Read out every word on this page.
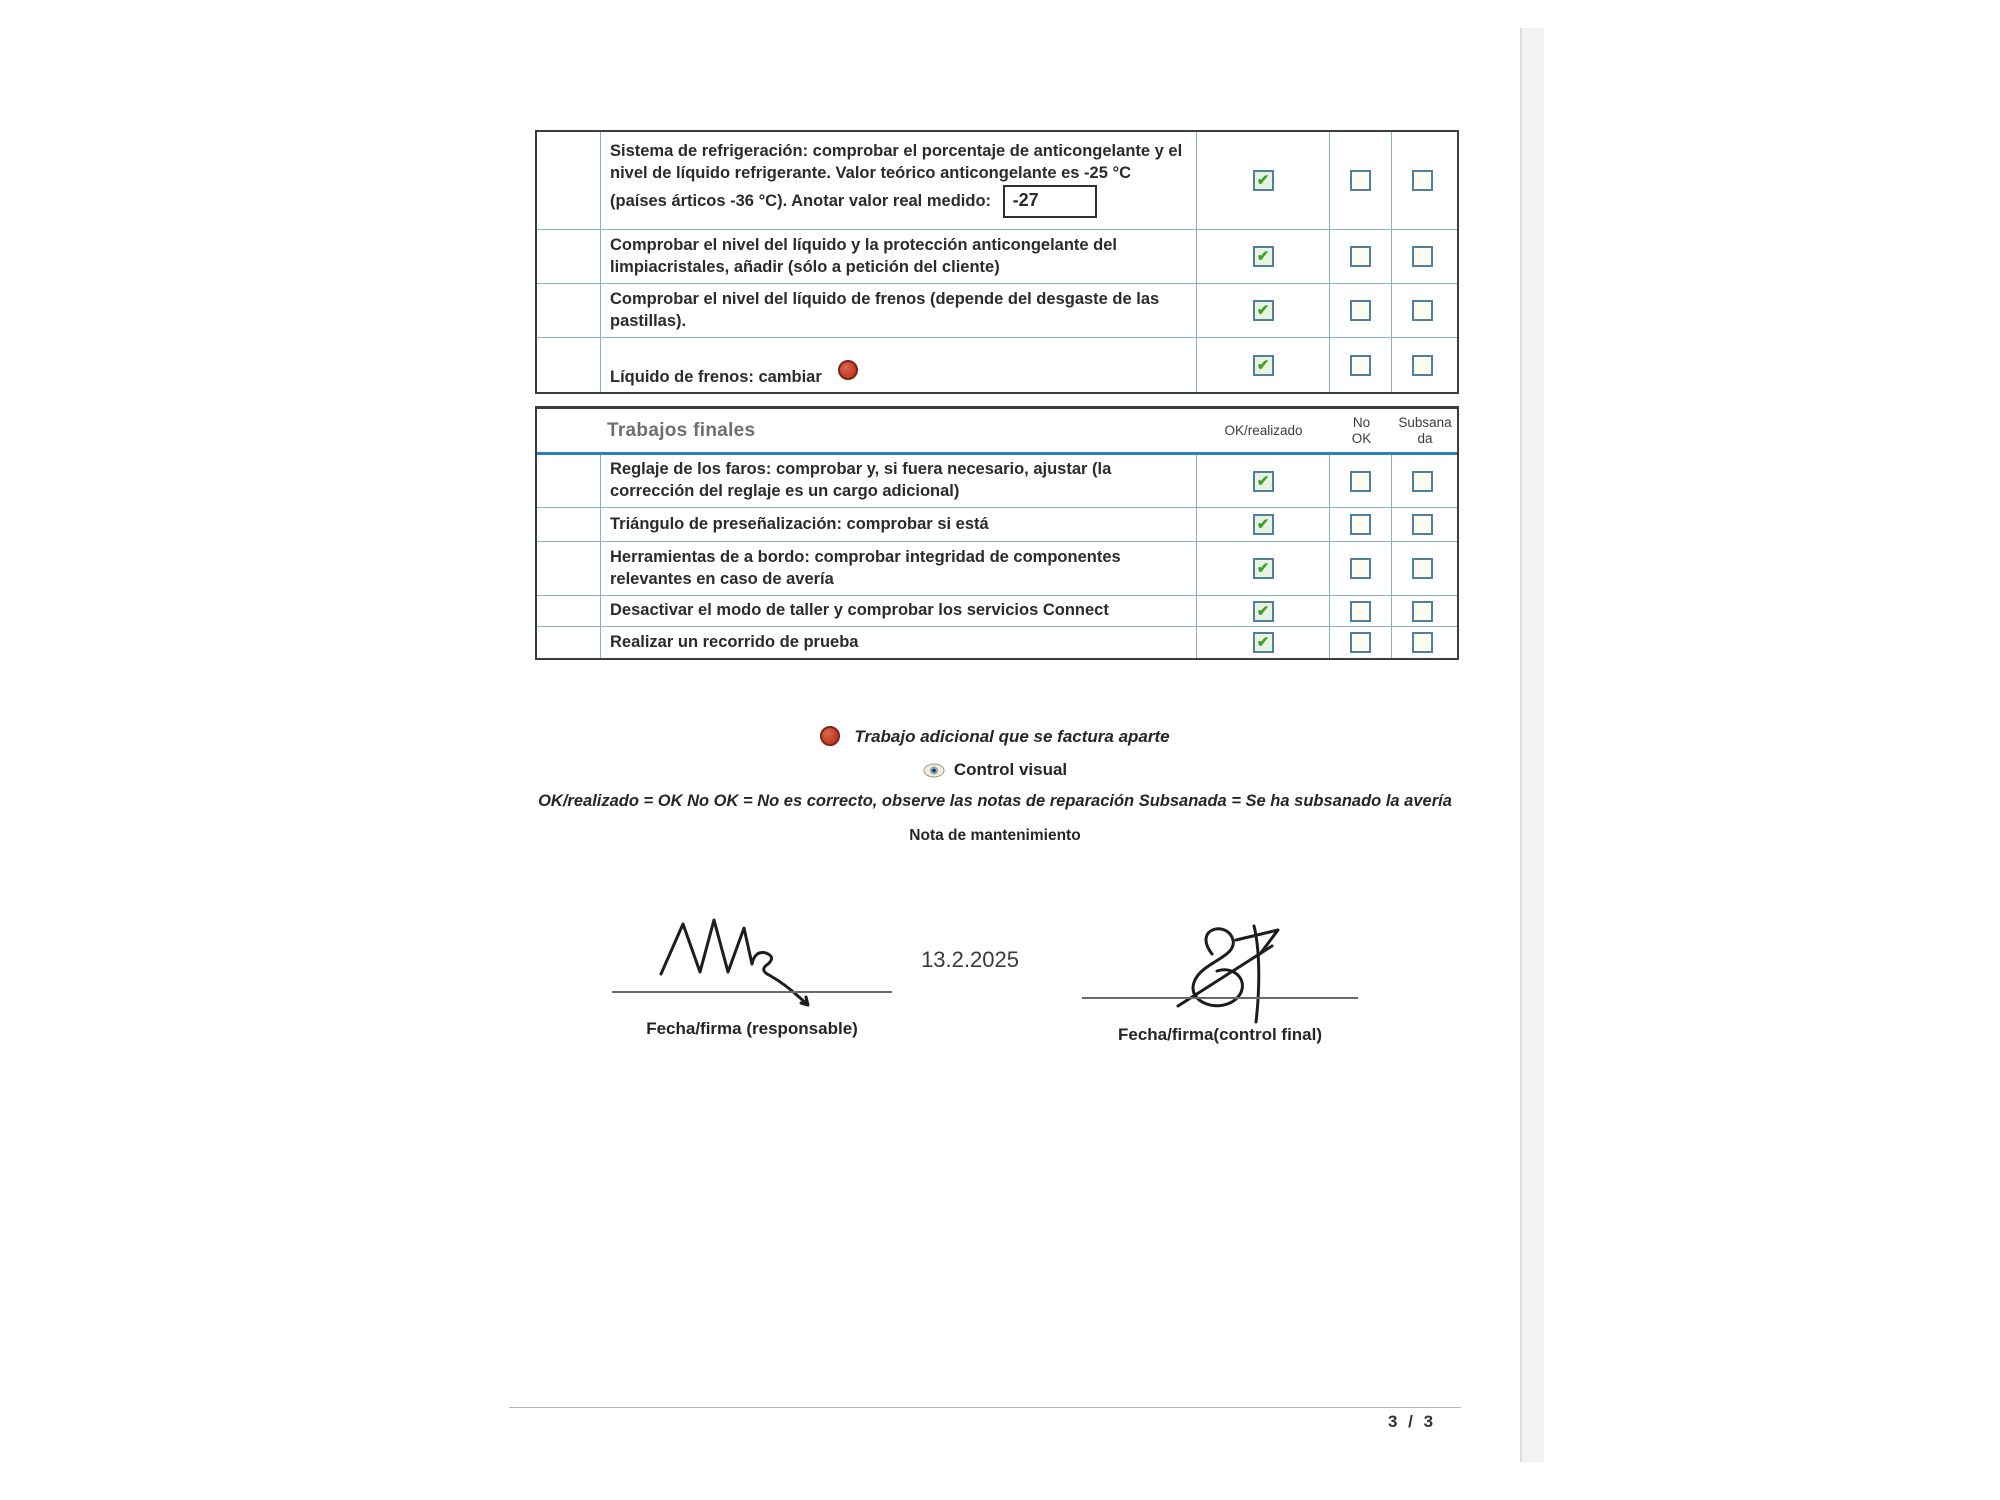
Sistema de refrigeración: comprobar el porcentaje de anticongelante y el nivel de líquido refrigerante. Valor teórico anticongelante es -25 °C (países árticos -36 °C). Anotar valor real medido: -27
✔
Comprobar el nivel del líquido y la protección anticongelante del limpiacristales, añadir (sólo a petición del cliente)
✔
Comprobar el nivel del líquido de frenos (depende del desgaste de las pastillas).
✔
Líquido de frenos: cambiar
✔
Trabajos finales	OK/realizado
No OK
Subsanada
Reglaje de los faros: comprobar y, si fuera necesario, ajustar (la corrección del reglaje es un cargo adicional)
✔
Triángulo de preseñalización: comprobar si está
✔
Herramientas de a bordo: comprobar integridad de componentes relevantes en caso de avería
✔
Desactivar el modo de taller y comprobar los servicios Connect
✔
Realizar un recorrido de prueba
✔
Trabajo adicional que se factura aparte
Control visual
OK/realizado = OK No OK = No es correcto, observe las notas de reparación Subsanada = Se ha subsanado la avería
Nota de mantenimiento
Fecha/firma (responsable)
13.2.2025
Fecha/firma(control final)
3 / 3
